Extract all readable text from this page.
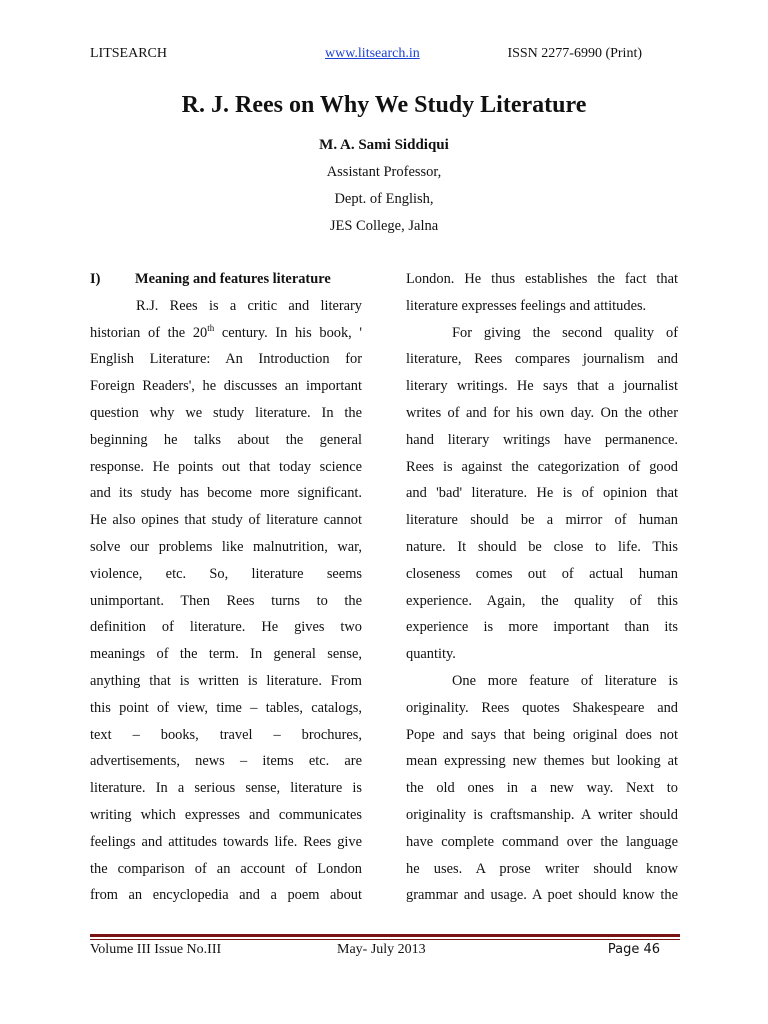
LITSEARCH	www.litsearch.in	ISSN 2277-6990 (Print)
R. J. Rees on Why We Study Literature
M. A. Sami Siddiqui
Assistant Professor,
Dept. of English,
JES College, Jalna
I) Meaning and features literature
R.J. Rees is a critic and literary
historian of the 20th century. In his book, '
English Literature: An Introduction for
Foreign Readers', he discusses an important
question why we study literature. In the
beginning he talks about the general
response. He points out that today science
and its study has become more significant.
He also opines that study of literature cannot
solve our problems like malnutrition, war,
violence, etc. So, literature seems
unimportant. Then Rees turns to the
definition of literature. He gives two
meanings of the term. In general sense,
anything that is written is literature. From
this point of view, time – tables, catalogs,
text – books, travel – brochures,
advertisements, news – items etc. are
literature. In a serious sense, literature is
writing which expresses and communicates
feelings and attitudes towards life. Rees give
the comparison of an account of London
from an encyclopedia and a poem about
London. He thus establishes the fact that
literature expresses feelings and attitudes.
For giving the second quality of
literature, Rees compares journalism and
literary writings. He says that a journalist
writes of and for his own day. On the other
hand literary writings have permanence.
Rees is against the categorization of good
and 'bad' literature. He is of opinion that
literature should be a mirror of human
nature. It should be close to life. This
closeness comes out of actual human
experience. Again, the quality of this
experience is more important than its
quantity.
One more feature of literature is
originality. Rees quotes Shakespeare and
Pope and says that being original does not
mean expressing new themes but looking at
the old ones in a new way. Next to
originality is craftsmanship. A writer should
have complete command over the language
he uses. A prose writer should know
grammar and usage. A poet should know the
Volume III Issue No.III	May- July 2013	Page 46
